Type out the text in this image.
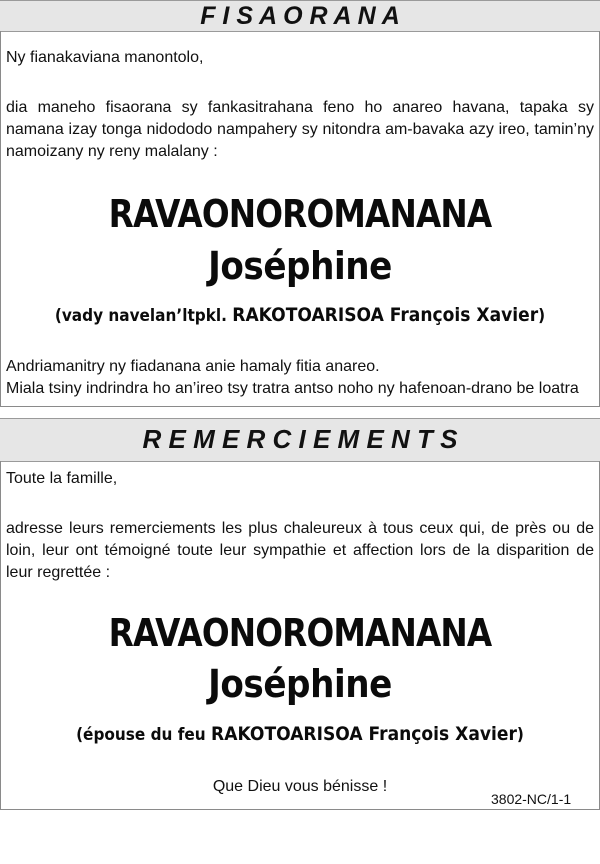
F I S A O R A N A
Ny fianakaviana manontolo,
dia maneho fisaorana sy fankasitrahana feno ho anareo havana, tapaka sy namana izay tonga nidododo nampahery sy nitondra am-bavaka azy ireo, tamin’ny namoizany ny reny malalany :
RAVAONOROMANANA
Joséphine
(vady navelan’ltpkl. RAKOTOARISOA François Xavier)
Andriamanitry ny fiadanana anie hamaly fitia anareo.
Miala tsiny indrindra ho an’ireo tsy tratra antso noho ny hafenoan-drano be loatra
R E M E R C I E M E N T S
Toute la famille,
adresse leurs remerciements les plus chaleureux à tous ceux qui, de près ou de loin, leur ont témoigné toute leur sympathie et affection lors de la disparition de leur regrettée :
RAVAONOROMANANA
Joséphine
(épouse du feu RAKOTOARISOA François Xavier)
Que Dieu vous bénisse !
3802-NC/1-1
